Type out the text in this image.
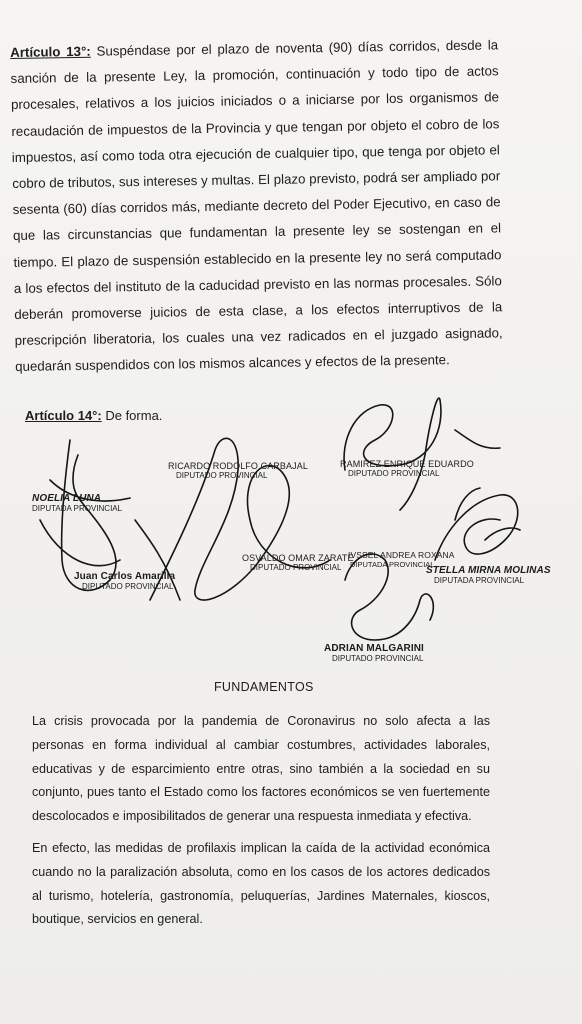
Artículo 13°: Suspéndase por el plazo de noventa (90) días corridos, desde la sanción de la presente Ley, la promoción, continuación y todo tipo de actos procesales, relativos a los juicios iniciados o a iniciarse por los organismos de recaudación de impuestos de la Provincia y que tengan por objeto el cobro de los impuestos, así como toda otra ejecución de cualquier tipo, que tenga por objeto el cobro de tributos, sus intereses y multas. El plazo previsto, podrá ser ampliado por sesenta (60) días corridos más, mediante decreto del Poder Ejecutivo, en caso de que las circunstancias que fundamentan la presente ley se sostengan en el tiempo. El plazo de suspensión establecido en la presente ley no será computado a los efectos del instituto de la caducidad previsto en las normas procesales. Sólo deberán promoverse juicios de esta clase, a los efectos interruptivos de la prescripción liberatoria, los cuales una vez radicados en el juzgado asignado, quedarán suspendidos con los mismos alcances y efectos de la presente.
Artículo 14°: De forma.
NOELIA LUNA
DIPUTADA PROVINCIAL
RICARDO RODOLFO CARBAJAL
DIPUTADO PROVINCIAL
RAMIREZ ENRIQUE EDUARDO
DIPUTADO PROVINCIAL
OSVALDO OMAR ZARATE
DIPUTADO PROVINCIAL
IVSSEL ANDREA ROXANA
DIPUTADA PROVINCIAL
STELLA MIRNA MOLINAS
DIPUTADA PROVINCIAL
Juan Carlos Amarilla
DIPUTADO PROVINCIAL
ADRIAN MALGARINI
DIPUTADO PROVINCIAL
FUNDAMENTOS
La crisis provocada por la pandemia de Coronavirus no solo afecta a las personas en forma individual al cambiar costumbres, actividades laborales, educativas y de esparcimiento entre otras, sino también a la sociedad en su conjunto, pues tanto el Estado como los factores económicos se ven fuertemente descolocados e imposibilitados de generar una respuesta inmediata y efectiva.
En efecto, las medidas de profilaxis implican la caída de la actividad económica cuando no la paralización absoluta, como en los casos de los actores dedicados al turismo, hotelería, gastronomía, peluquerías, Jardines Maternales, kioscos, boutique, servicios en general.
